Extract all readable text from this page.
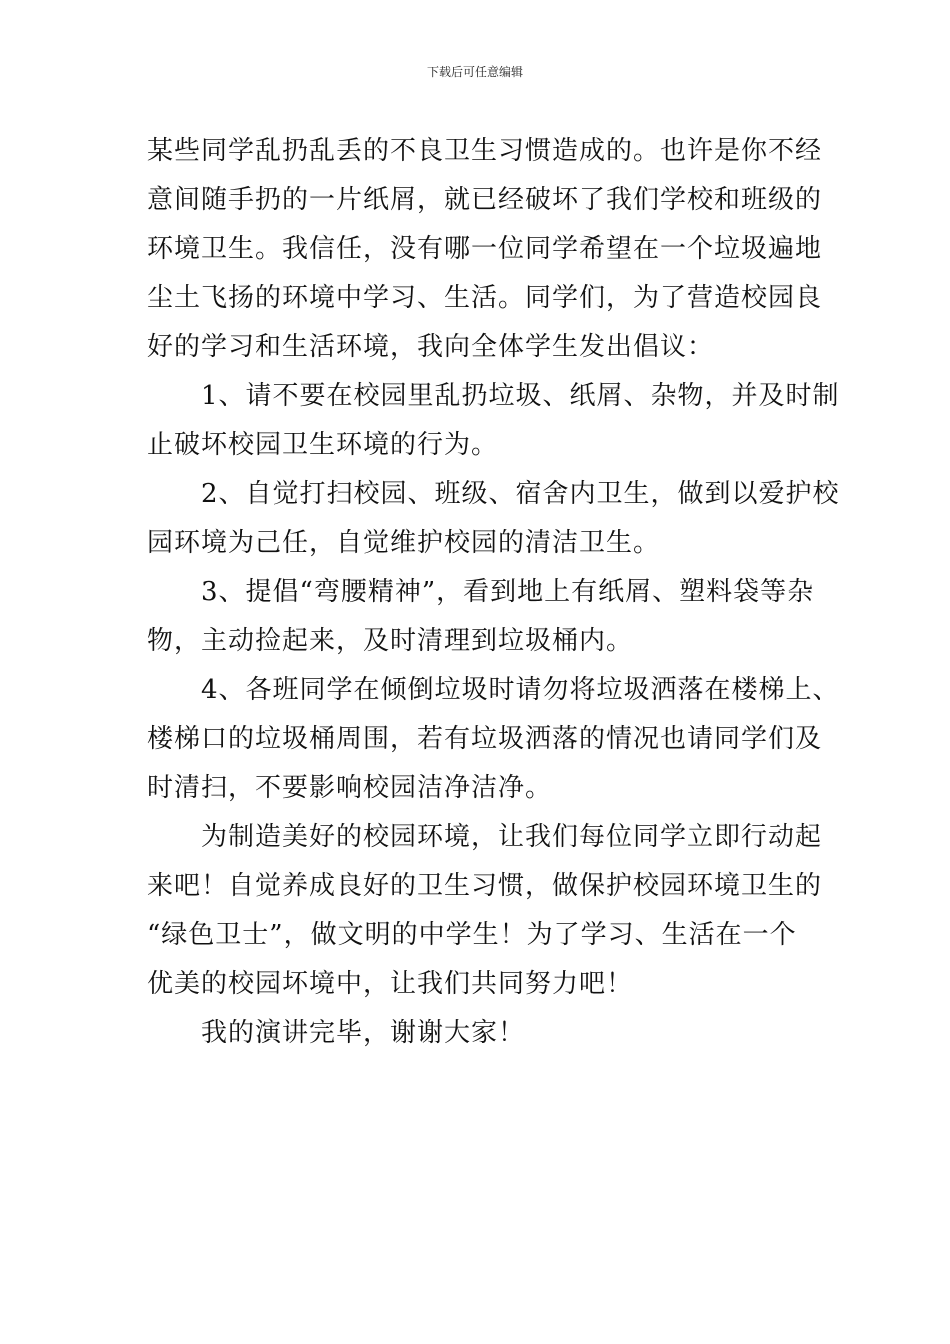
下载后可任意编辑

某些同学乱扔乱丢的不良卫生习惯造成的。也许是你不经
意间随手扔的一片纸屑，就已经破坏了我们学校和班级的
环境卫生。我信任，没有哪一位同学希望在一个垃圾遍地
尘土飞扬的环境中学习、生活。同学们，为了营造校园良
好的学习和生活环境，我向全体学生发出倡议：

1、请不要在校园里乱扔垃圾、纸屑、杂物，并及时制
止破坏校园卫生环境的行为。

2、自觉打扫校园、班级、宿舍内卫生，做到以爱护校
园环境为己任，自觉维护校园的清洁卫生。

3、提倡“弯腰精神”，看到地上有纸屑、塑料袋等杂
物，主动捡起来，及时清理到垃圾桶内。

4、各班同学在倾倒垃圾时请勿将垃圾洒落在楼梯上、
楼梯口的垃圾桶周围，若有垃圾洒落的情况也请同学们及
时清扫，不要影响校园洁净洁净。

为制造美好的校园环境，让我们每位同学立即行动起
来吧！自觉养成良好的卫生习惯，做保护校园环境卫生的
“绿色卫士”，做文明的中学生！为了学习、生活在一个
优美的校园坏境中，让我们共同努力吧！

我的演讲完毕，谢谢大家！
